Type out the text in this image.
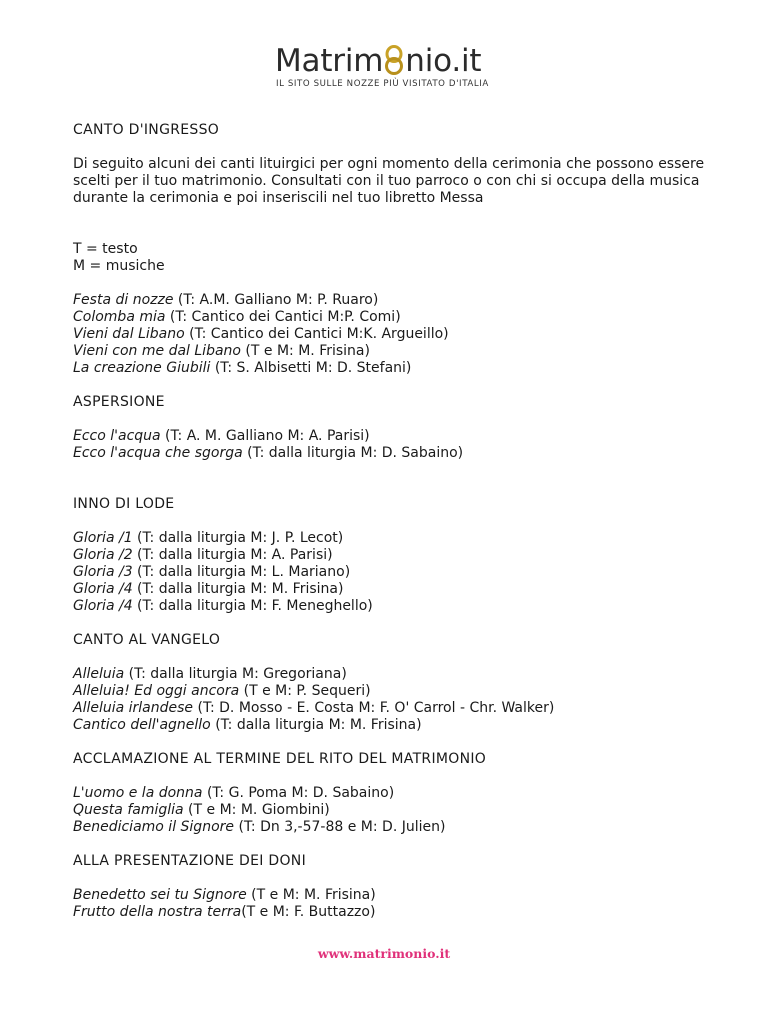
Matrim nio.it
IL SITO SULLE NOZZE PIÙ VISITATO D'ITALIA
CANTO D'INGRESSO
Di seguito alcuni dei canti lituirgici per ogni momento della cerimonia che possono essere scelti per il tuo matrimonio. Consultati con il tuo parroco o con chi si occupa della musica durante la cerimonia e poi inseriscili nel tuo libretto Messa
T = testo
M = musiche
Festa di nozze (T: A.M. Galliano M: P. Ruaro)
Colomba mia (T: Cantico dei Cantici M:P. Comi)
Vieni dal Libano (T: Cantico dei Cantici M:K. Argueillo)
Vieni con me dal Libano (T e M: M. Frisina)
La creazione Giubili (T: S. Albisetti M: D. Stefani)
ASPERSIONE
Ecco l'acqua (T: A. M. Galliano M: A. Parisi)
Ecco l'acqua che sgorga (T: dalla liturgia M: D. Sabaino)
INNO DI LODE
Gloria /1 (T: dalla liturgia M: J. P. Lecot)
Gloria /2 (T: dalla liturgia M: A. Parisi)
Gloria /3 (T: dalla liturgia M: L. Mariano)
Gloria /4 (T: dalla liturgia M: M. Frisina)
Gloria /4 (T: dalla liturgia M: F. Meneghello)
CANTO AL VANGELO
Alleluia (T: dalla liturgia M: Gregoriana)
Alleluia! Ed oggi ancora (T e M: P. Sequeri)
Alleluia irlandese (T: D. Mosso - E. Costa M: F. O' Carrol - Chr. Walker)
Cantico dell'agnello (T: dalla liturgia M: M. Frisina)
ACCLAMAZIONE AL TERMINE DEL RITO DEL MATRIMONIO
L'uomo e la donna (T: G. Poma M: D. Sabaino)
Questa famiglia (T e M: M. Giombini)
Benediciamo il Signore (T: Dn 3,-57-88 e M: D. Julien)
ALLA PRESENTAZIONE DEI DONI
Benedetto sei tu Signore (T e M: M. Frisina)
Frutto della nostra terra(T e M: F. Buttazzo)
www.matrimonio.it
